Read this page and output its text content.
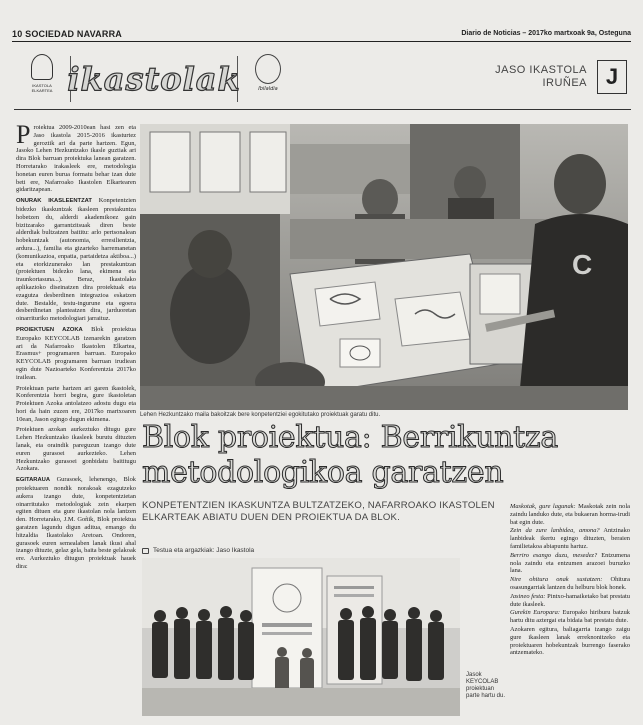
10 SOCIEDAD NAVARRA	Diario de Noticias – 2017ko martxoak 9a, Osteguna
IKASTOLA ELKARTEA ikastolak	Ibilaldia
JASO IKASTOLA
IRUÑEA J

Proiektua 2009-2010ean hasi zen eta Jaso ikastola 2015-2016 ikasturtez geroztik ari da parte hartzen. Egun, Jasoko Lehen Hezkuntzako ikasle guztiak ari dira Blok barruan proiektuka lanean garatzen. Horretarako irakasleek ere, metodologia honetan euren burua formatu behar izan dute beti ere, Nafarroako Ikastolen Elkartearen gidaritzapean.

ONURAK IKASLEENTZAT Konpetentzien bidezko ikaskuntzak ikasleen prestakuntza hobetzen du, alderdi akademikoez gain bizitzarako garrantzitsuak diren beste alderdiak bultzatzen baititu: arlo pertsonalean hobekuntzak (autonomia, erresilientzia, ardura...), familia eta gizarteko harremanetan (komunikazioa, enpatia, partaidetza aktiboa...) eta etorkizunerako lan prestakuntzan (proiektuen bidezko lana, ekimena eta iraunkortasuna...). Beraz, Ikastolako aplikazioko diseinatzen dira proiektuak eta ezagutza desberdinen integrazioa eskatzen dute. Bestalde, testu-ingurune eta egoera desberdinetan planteatzen dira, jarduoretan oinarrituriko metodologiari jarraituz.

PROIEKTUEN AZOKA Blok proiektua Europako KEYCOLAB izenarekin garatzen ari da Nafarroako Ikastolen Elkartea, Erasmus+ programaren barruan. Europako KEYCOLAB programaren barruan irudiean egin dute Nazioarteko Konferentzia 2017ko irailean.

Proiektuan parte hartzen ari garen ikastolek, Konferentzia horri begira, gure ikastoletan Proiektuen Azoka antolatzeo adostu dugu eta hori da hain zuzen ere, 2017ko martxoaren 10ean, Jason egingo dugun ekimena.

Proiektuen azokan aurkeztuko ditugu gure Lehen Hezkuntzako ikasleek burutu dituzten lanak, eta oraindik pareguzun izango dute euren gurasoei aurkezteko. Lehen Hezkuntzako gurasoei gonbidatu baititugu Azokara.

EGITARAUA Gurasoek, lehenengo, Blok proiektuaren nondik norakoak ezagutzeko aukera izango dute, konpetentzietan oinarritutako metodologiak zein ekarpen egiten dituen eta gure ikastolan nola lantzen den. Horretarako, J.M. Goñik, Blok proiektua garatzen lagundu digun aditua, emango du hitzaldia Ikastolako Aretoan. Ondoren, gurasoek euren semealaben lanak ikusi ahal izango dituzte, gelaz gela, baita beste gelakoak ere. Aurkeztuko ditugun proiektuak hauek dira:

C
Lehen Hezkuntzako maila bakoitzak bere konpetentziei egokitutako proiektuak garatu ditu.
Blok proiektua: Berrikuntza
metodologikoa garatzen
KONPETENTZIEN IKASKUNTZA BULTZATZEKO, NAFARROAKO IKASTOLEN ELKARTEAK ABIATU DUEN DEN PROIEKTUA DA BLOK.
Testua eta argazkiak: Jaso Ikastola
Jasok KEYCOLAB proiektuan parte hartu du.

Maskotak, gure lagunak: Maskotak zein nola zaindu landuko dute, eta bukaeran horma-irudi bat egin dute.

Zein da zure lanbidea, amona? Antzinako lanbideak ikertu egingo dituzten, beraien familietakoa abiapuntu hartuz.

Berriro esango duzu, mesedez? Entzumena nola zaindu eta entzumen arazoei buruzko lana.

Nire ohitura onak sustatzen: Ohitura osasungarriak lantzen du helburu blok honek.

Jasineo festa: Pintxo-hamaiketako bat prestatu dute ikasleek.

Gurekin Europara: Europako hiriburu batzuk hartu ditu aztergai eta bidaia bat prestatu dute.

Azokaren egitura, baliagarria izango zaigu gure ikasleen lanak erreknonitzeko eta proiektuaren hobekuntzak burrengo faserako antzemateko.
